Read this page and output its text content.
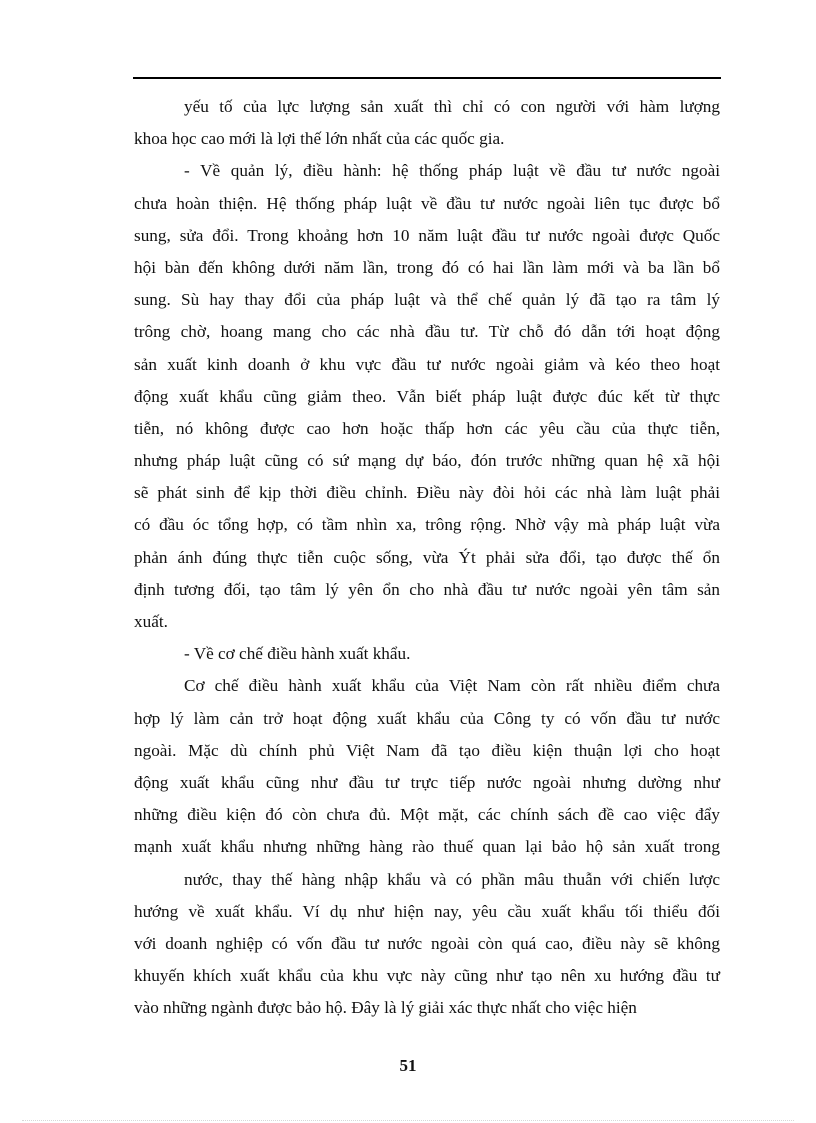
yếu tố của lực lượng sản xuất thì chỉ có con người với hàm lượng
khoa học cao mới là lợi thế lớn nhất của các quốc gia.
- Về quản lý, điều hành: hệ thống pháp luật về đầu tư nước ngoài
chưa hoàn thiện. Hệ thống pháp luật về đầu tư nước ngoài liên tục được bổ
sung, sửa đổi. Trong khoảng hơn 10 năm luật đầu tư nước ngoài được Quốc
hội bàn đến không dưới năm lần, trong đó có hai lần làm mới và ba lần bổ
sung. Sù hay thay đổi của pháp luật và thể chế quản lý đã tạo ra tâm lý
trông chờ, hoang mang cho các nhà đầu tư. Từ chỗ đó dẫn tới hoạt động
sản xuất kinh doanh ở khu vực đầu tư nước ngoài giảm và kéo theo hoạt
động xuất khẩu cũng giảm theo. Vẫn biết pháp luật được đúc kết từ thực
tiễn, nó không được cao hơn hoặc thấp hơn các yêu cầu của thực tiễn,
nhưng pháp luật cũng có sứ mạng dự báo, đón trước những quan hệ xã hội
sẽ phát sinh để kịp thời điều chỉnh. Điều này đòi hỏi các nhà làm luật phải
có đầu óc tổng hợp, có tầm nhìn xa, trông rộng. Nhờ vậy mà pháp luật vừa
phản ánh đúng thực tiễn cuộc sống, vừa Ýt phải sửa đổi, tạo được thế ổn
định tương đối, tạo tâm lý yên ổn cho nhà đầu tư nước ngoài yên tâm sản
xuất.
- Về cơ chế điều hành xuất khẩu.
Cơ chế điều hành xuất khẩu của Việt Nam còn rất nhiều điểm chưa
hợp lý làm cản trở hoạt động xuất khẩu của Công ty có vốn đầu tư nước
ngoài. Mặc dù chính phủ Việt Nam đã tạo điều kiện thuận lợi cho hoạt
động xuất khẩu cũng như đầu tư trực tiếp nước ngoài nhưng dường như
những điều kiện đó còn chưa đủ. Một mặt, các chính sách đề cao việc đẩy
mạnh xuất khẩu nhưng những hàng rào thuế quan lại bảo hộ sản xuất trong
nước, thay thế hàng nhập khẩu và có phần mâu thuẫn với chiến lược
hướng về xuất khẩu. Ví dụ như hiện nay, yêu cầu xuất khẩu tối thiểu đối
với doanh nghiệp có vốn đầu tư nước ngoài còn quá cao, điều này sẽ không
khuyến khích xuất khẩu của khu vực này cũng như tạo nên xu hướng đầu tư
vào những ngành được bảo hộ. Đây là lý giải xác thực nhất cho việc hiện
51
